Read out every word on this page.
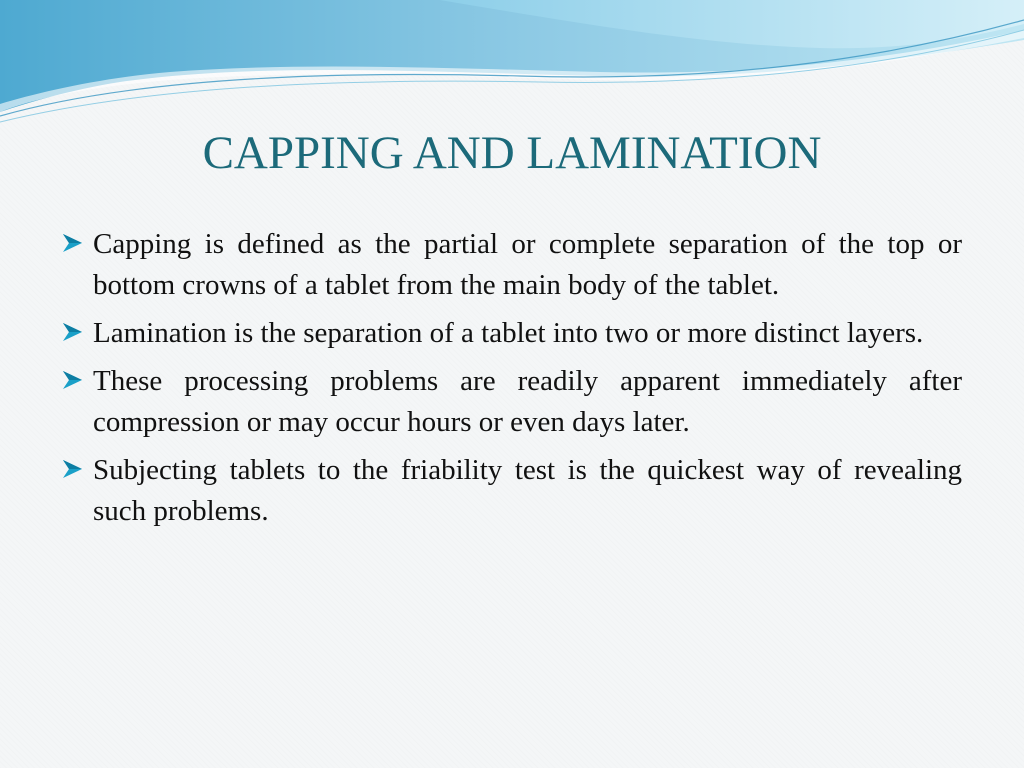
CAPPING AND LAMINATION
Capping is defined as the partial or complete separation of the top or bottom crowns of a tablet from the main body of the tablet.
Lamination is the separation of a tablet into two or more distinct layers.
These processing problems are readily apparent immediately after compression or may occur hours or even days later.
Subjecting tablets to the friability test is the quickest way of revealing such problems.
